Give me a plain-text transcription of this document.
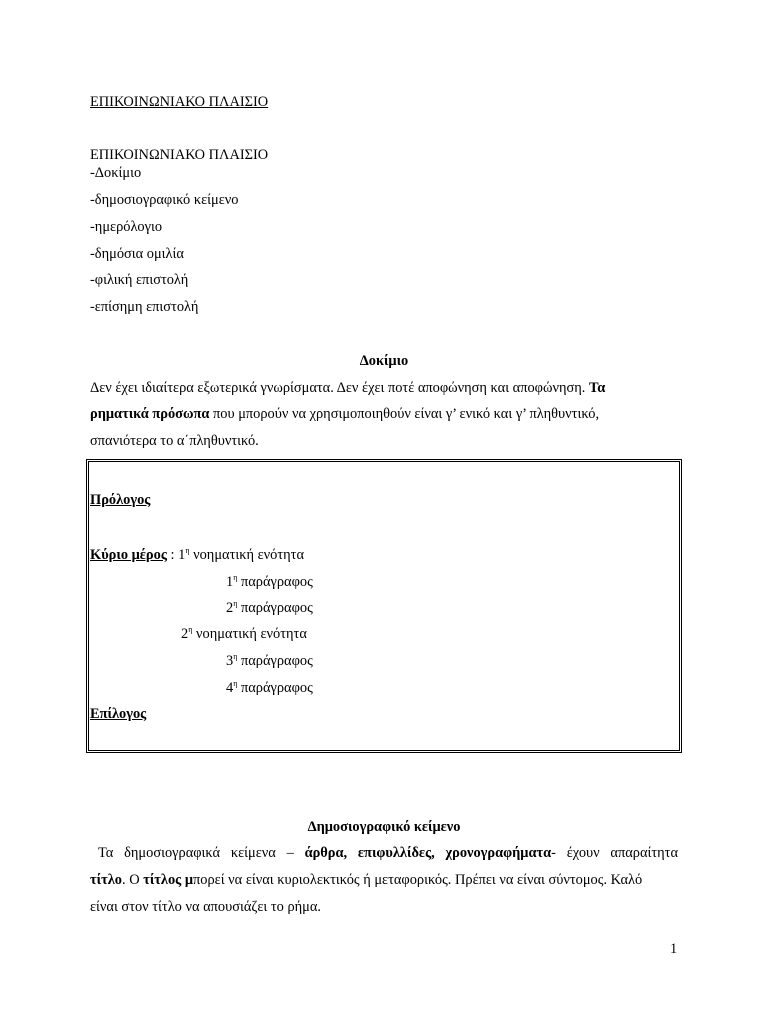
ΕΠΙΚΟΙΝΩΝΙΑΚΟ ΠΛΑΙΣΙΟ
ΕΠΙΚΟΙΝΩΝΙΑΚΟ ΠΛΑΙΣΙΟ
-Δοκίμιο
-δημοσιογραφικό κείμενο
-ημερόλογιο
-δημόσια ομιλία
-φιλική επιστολή
-επίσημη επιστολή
Δοκίμιο
Δεν έχει ιδιαίτερα εξωτερικά γνωρίσματα. Δεν έχει ποτέ αποφώνηση και αποφώνηση. Τα
ρηματικά πρόσωπα που μπορούν να χρησιμοποιηθούν είναι γ’ ενικό και γ’ πληθυντικό,
σπανιότερα το α΄πληθυντικό.
Πρόλογος
Κύριο μέρος : $1^\eta$ νοηματική ενότητα
$1^\eta$ παράγραφος
$2^\eta$ παράγραφος
$2^\eta$ νοηματική ενότητα
$3^\eta$ παράγραφος
$4^\eta$ παράγραφος
Επίλογος
Δημοσιογραφικό κείμενο
Τα δημοσιογραφικά κείμενα – άρθρα, επιφυλλίδες, χρονογραφήματα- έχουν απαραίτητα
τίτλο. Ο τίτλος μπορεί να είναι κυριολεκτικός ή μεταφορικός. Πρέπει να είναι σύντομος. Καλό
είναι στον τίτλο να απουσιάζει το ρήμα.
1
